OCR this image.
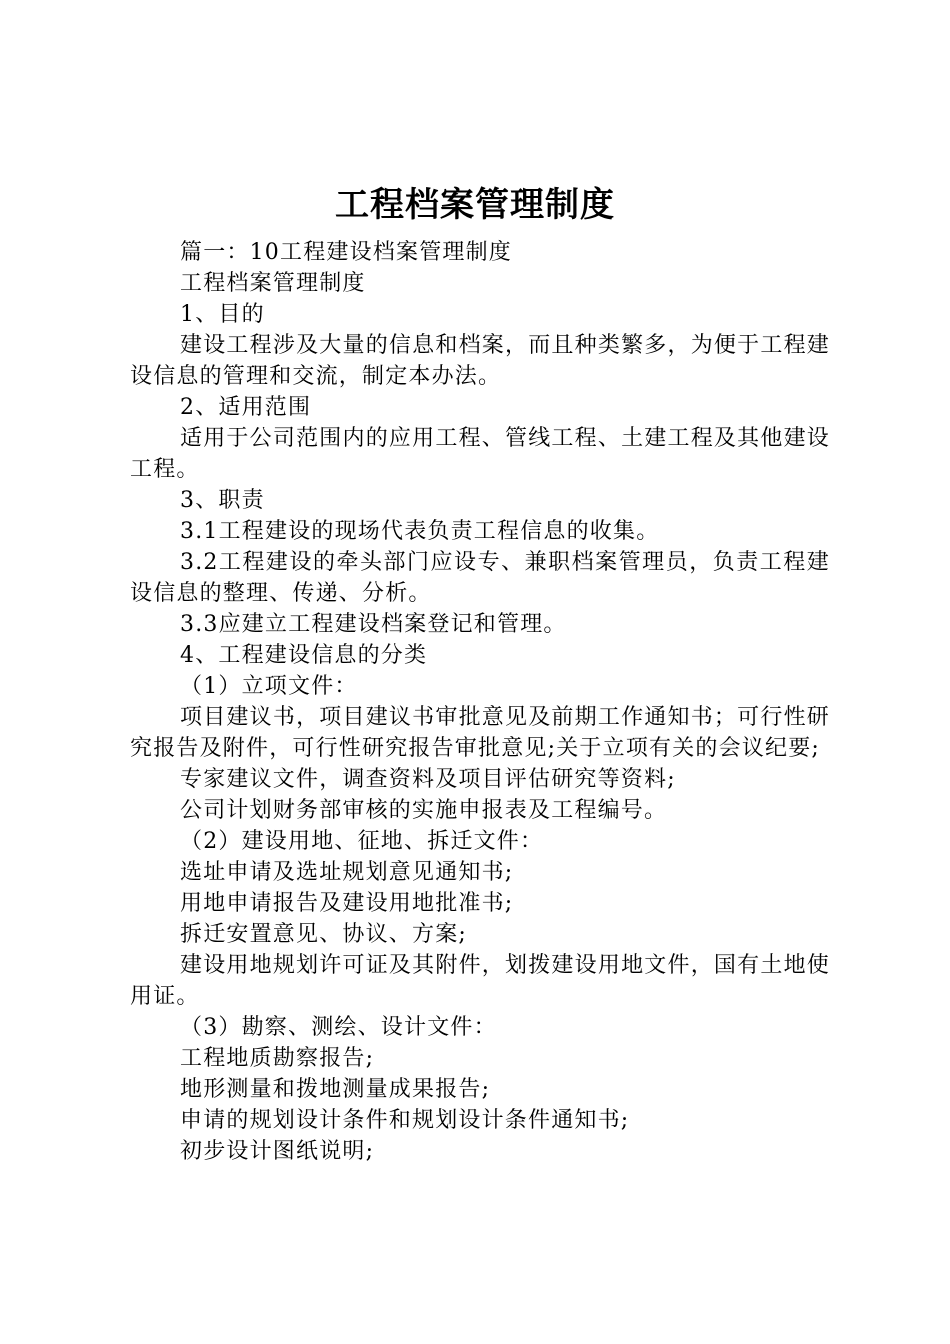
工程档案管理制度

篇一：10工程建设档案管理制度

工程档案管理制度

1、目的

建设工程涉及大量的信息和档案，而且种类繁多，为便于工程建设信息的管理和交流，制定本办法。

2、适用范围

适用于公司范围内的应用工程、管线工程、土建工程及其他建设工程。

3、职责

3.1工程建设的现场代表负责工程信息的收集。

3.2工程建设的牵头部门应设专、兼职档案管理员，负责工程建设信息的整理、传递、分析。

3.3应建立工程建设档案登记和管理。

4、工程建设信息的分类

（1）立项文件：

项目建议书，项目建议书审批意见及前期工作通知书；可行性研究报告及附件，可行性研究报告审批意见;关于立项有关的会议纪要;

专家建议文件，调查资料及项目评估研究等资料;

公司计划财务部审核的实施申报表及工程编号。

（2）建设用地、征地、拆迁文件：

选址申请及选址规划意见通知书;

用地申请报告及建设用地批准书;

拆迁安置意见、协议、方案;

建设用地规划许可证及其附件，划拨建设用地文件，国有土地使用证。

（3）勘察、测绘、设计文件：

工程地质勘察报告;

地形测量和拨地测量成果报告;

申请的规划设计条件和规划设计条件通知书;

初步设计图纸说明;
